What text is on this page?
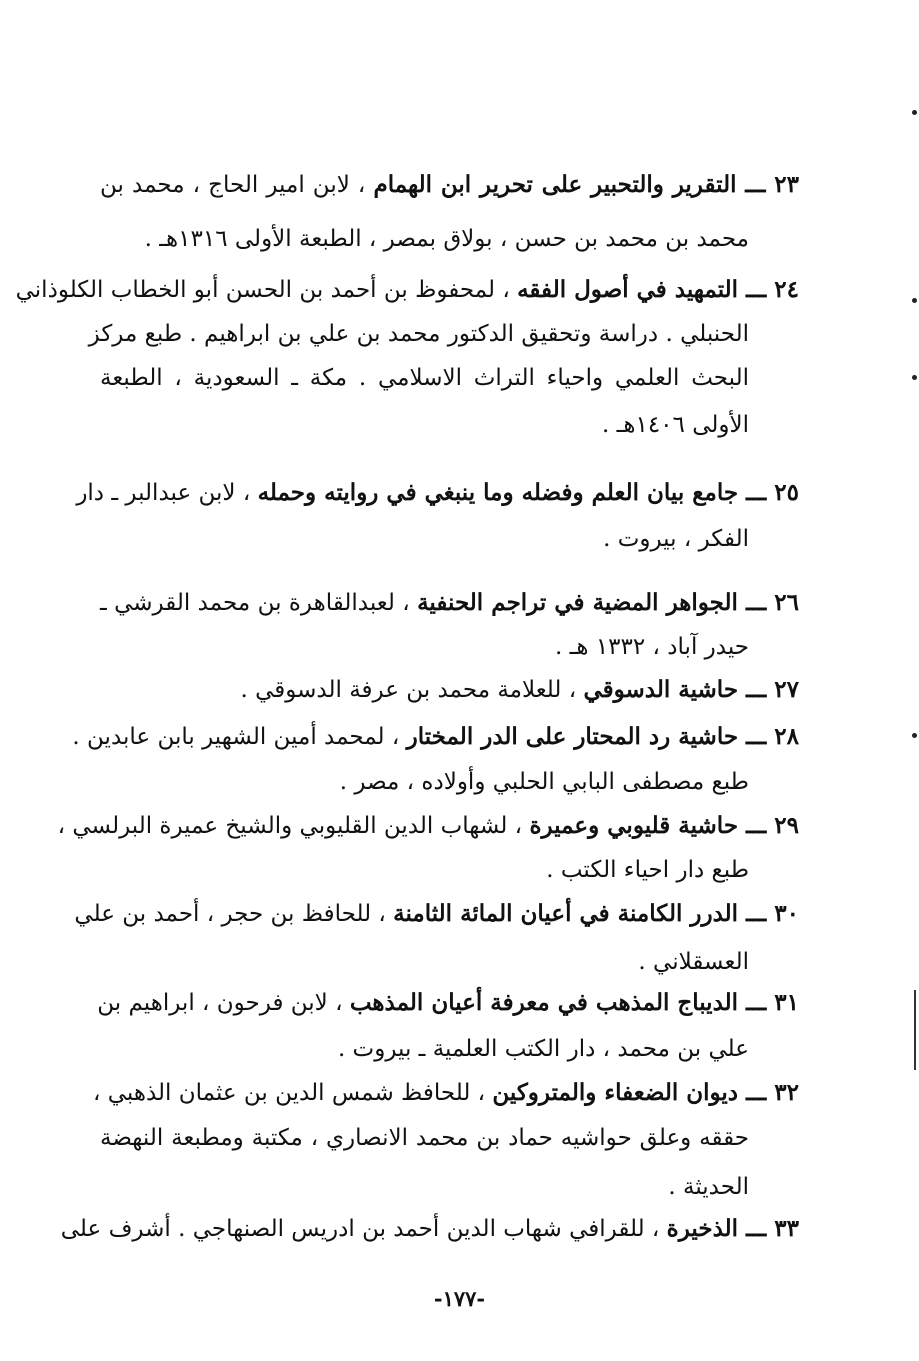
٢٣ ـــ التقرير والتحبير على تحرير ابن الهمام ، لابن امير الحاج ، محمد بن
محمد بن محمد بن حسن ، بولاق بمصر ، الطبعة الأولى ١٣١٦هـ .
٢٤ ـــ التمهيد في أصول الفقه ، لمحفوظ بن أحمد بن الحسن أبو الخطاب الكلوذاني
الحنبلي . دراسة وتحقيق الدكتور محمد بن علي بن ابراهيم . طبع مركز
البحث العلمي واحياء التراث الاسلامي . مكة ـ السعودية ، الطبعة
الأولى ١٤٠٦هـ .
٢٥ ـــ جامع بيان العلم وفضله وما ينبغي في روايته وحمله ، لابن عبدالبر ـ دار
الفكر ، بيروت .
٢٦ ـــ الجواهر المضية في تراجم الحنفية ، لعبدالقاهرة بن محمد القرشي ـ
حيدر آباد ، ١٣٣٢ هـ .
٢٧ ـــ حاشية الدسوقي ، للعلامة محمد بن عرفة الدسوقي .
٢٨ ـــ حاشية رد المحتار على الدر المختار ، لمحمد أمين الشهير بابن عابدين .
طبع مصطفى البابي الحلبي وأولاده ، مصر .
٢٩ ـــ حاشية قليوبي وعميرة ، لشهاب الدين القليوبي والشيخ عميرة البرلسي ،
طبع دار احياء الكتب .
٣٠ ـــ الدرر الكامنة في أعيان المائة الثامنة ، للحافظ بن حجر ، أحمد بن علي
العسقلاني .
٣١ ـــ الديباج المذهب في معرفة أعيان المذهب ، لابن فرحون ، ابراهيم بن
علي بن محمد ، دار الكتب العلمية ـ بيروت .
٣٢ ـــ ديوان الضعفاء والمتروكين ، للحافظ شمس الدين بن عثمان الذهبي ،
حققه وعلق حواشيه حماد بن محمد الانصاري ، مكتبة ومطبعة النهضة
الحديثة .
٣٣ ـــ الذخيرة ، للقرافي شهاب الدين أحمد بن ادريس الصنهاجي . أشرف على
-١٧٧-
